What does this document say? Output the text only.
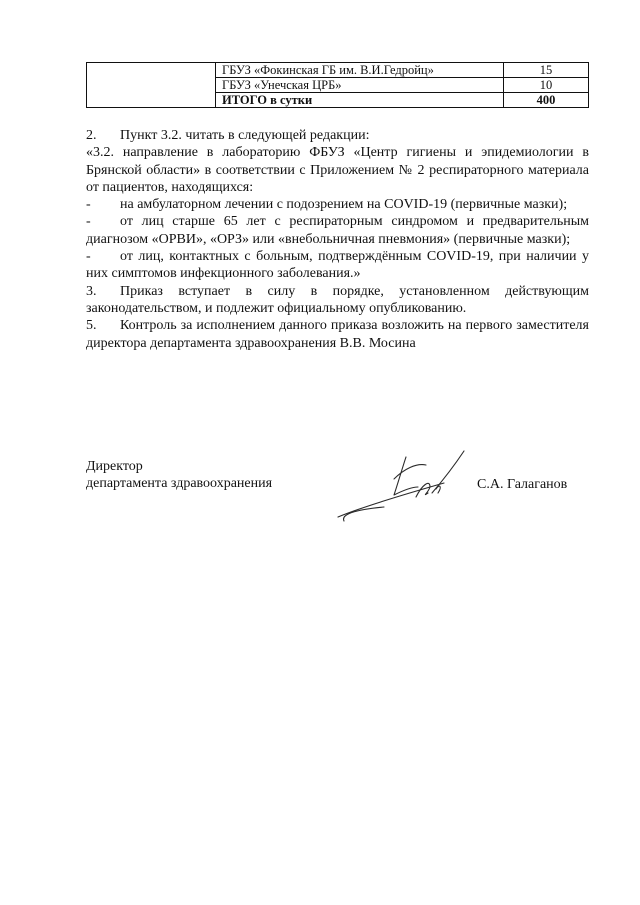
	ГБУЗ «Фокинская ГБ им. В.И.Гедройц»	15
	ГБУЗ «Унечская ЦРБ»	10
	ИТОГО в сутки	400

2. Пункт 3.2. читать в следующей редакции:

«3.2. направление в лабораторию ФБУЗ «Центр гигиены и эпидемиологии в Брянской области» в соответствии с Приложением № 2 респираторного материала от пациентов, находящихся:

- на амбулаторном лечении с подозрением на COVID-19 (первичные мазки);

- от лиц старше 65 лет с респираторным синдромом и предварительным диагнозом «ОРВИ», «ОРЗ» или «внебольничная пневмония» (первичные мазки);

- от лиц, контактных с больным, подтверждённым COVID-19, при наличии у них симптомов инфекционного заболевания.»

3. Приказ вступает в силу в порядке, установленном действующим законодательством, и подлежит официальному опубликованию.

5. Контроль за исполнением данного приказа возложить на первого заместителя директора департамента здравоохранения В.В. Мосина

Директор
департамента здравоохранения	С.А. Галаганов
